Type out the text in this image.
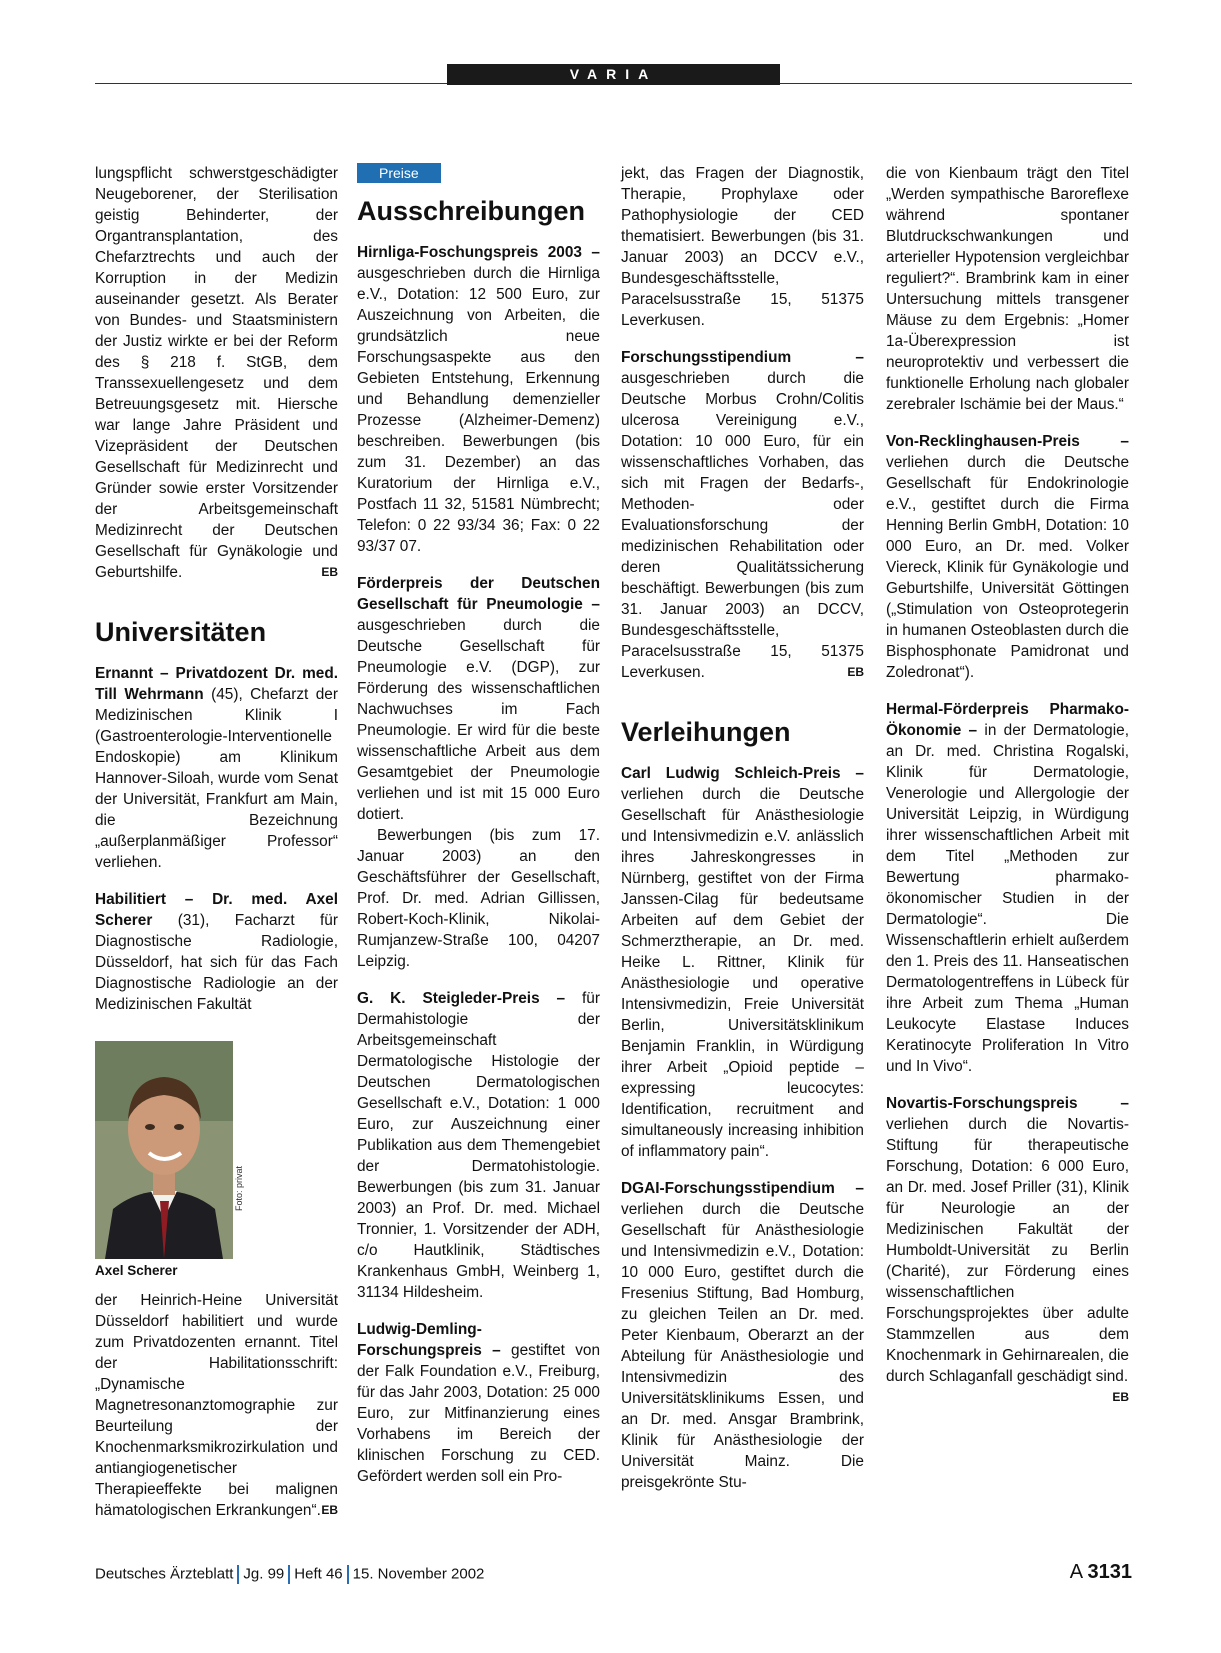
VARIA

lungspflicht schwerstgeschädigter Neugeborener, der Sterilisation geistig Behinderter, der Organtransplantation, des Chefarztrechts und auch der Korruption in der Medizin auseinander gesetzt. Als Berater von Bundes- und Staatsministern der Justiz wirkte er bei der Reform des § 218 f. StGB, dem Transsexuellengesetz und dem Betreuungsgesetz mit. Hiersche war lange Jahre Präsident und Vizepräsident der Deutschen Gesellschaft für Medizinrecht und Gründer sowie erster Vorsitzender der Arbeitsgemeinschaft Medizinrecht der Deutschen Gesellschaft für Gynäkologie und Geburtshilfe.	EB

Universitäten

Ernannt – Privatdozent Dr. med. Till Wehrmann (45), Chefarzt der Medizinischen Klinik I (Gastroenterologie-Interventionelle Endoskopie) am Klinikum Hannover-Siloah, wurde vom Senat der Universität, Frankfurt am Main, die Bezeichnung „außerplanmäßiger Professor“ verliehen.

Habilitiert – Dr. med. Axel Scherer (31), Facharzt für Diagnostische Radiologie, Düsseldorf, hat sich für das Fach Diagnostische Radiologie an der Medizinischen Fakultät

Foto: privat
Axel Scherer

der Heinrich-Heine Universität Düsseldorf habilitiert und wurde zum Privatdozenten ernannt. Titel der Habilitationsschrift: „Dynamische Magnetresonanztomographie zur Beurteilung der Knochenmarksmikrozirkulation und antiangiogenetischer Therapieeffekte bei malignen hämatologischen Erkrankungen“. EB

Preise
Ausschreibungen

Hirnliga-Foschungspreis 2003 – ausgeschrieben durch die Hirnliga e.V., Dotation: 12 500 Euro, zur Auszeichnung von Arbeiten, die grundsätzlich neue Forschungsaspekte aus den Gebieten Entstehung, Erkennung und Behandlung demenzieller Prozesse (Alzheimer-Demenz) beschreiben. Bewerbungen (bis zum 31. Dezember) an das Kuratorium der Hirnliga e.V., Postfach 11 32, 51581 Nümbrecht; Telefon: 0 22 93/34 36; Fax: 0 22 93/37 07.

Förderpreis der Deutschen Gesellschaft für Pneumologie – ausgeschrieben durch die Deutsche Gesellschaft für Pneumologie e.V. (DGP), zur Förderung des wissenschaftlichen Nachwuchses im Fach Pneumologie. Er wird für die beste wissenschaftliche Arbeit aus dem Gesamtgebiet der Pneumologie verliehen und ist mit 15 000 Euro dotiert.

Bewerbungen (bis zum 17. Januar 2003) an den Geschäftsführer der Gesellschaft, Prof. Dr. med. Adrian Gillissen, Robert-Koch-Klinik, Nikolai-Rumjanzew-Straße 100, 04207 Leipzig.

G. K. Steigleder-Preis – für Dermahistologie der Arbeitsgemeinschaft Dermatologische Histologie der Deutschen Dermatologischen Gesellschaft e.V., Dotation: 1 000 Euro, zur Auszeichnung einer Publikation aus dem Themengebiet der Dermatohistologie. Bewerbungen (bis zum 31. Januar 2003) an Prof. Dr. med. Michael Tronnier, 1. Vorsitzender der ADH, c/o Hautklinik, Städtisches Krankenhaus GmbH, Weinberg 1, 31134 Hildesheim.

Ludwig-Demling-Forschungspreis – gestiftet von der Falk Foundation e.V., Freiburg, für das Jahr 2003, Dotation: 25 000 Euro, zur Mitfinanzierung eines Vorhabens im Bereich der klinischen Forschung zu CED. Gefördert werden soll ein Pro-

jekt, das Fragen der Diagnostik, Therapie, Prophylaxe oder Pathophysiologie der CED thematisiert. Bewerbungen (bis 31. Januar 2003) an DCCV e.V., Bundesgeschäftsstelle, Paracelsusstraße 15, 51375 Leverkusen.

Forschungsstipendium – ausgeschrieben durch die Deutsche Morbus Crohn/Colitis ulcerosa Vereinigung e.V., Dotation: 10 000 Euro, für ein wissenschaftliches Vorhaben, das sich mit Fragen der Bedarfs-, Methoden- oder Evaluationsforschung der medizinischen Rehabilitation oder deren Qualitätssicherung beschäftigt. Bewerbungen (bis zum 31. Januar 2003) an DCCV, Bundesgeschäftsstelle, Paracelsusstraße 15, 51375 Leverkusen.	EB

Verleihungen

Carl Ludwig Schleich-Preis – verliehen durch die Deutsche Gesellschaft für Anästhesiologie und Intensivmedizin e.V. anlässlich ihres Jahreskongresses in Nürnberg, gestiftet von der Firma Janssen-Cilag für bedeutsame Arbeiten auf dem Gebiet der Schmerztherapie, an Dr. med. Heike L. Rittner, Klinik für Anästhesiologie und operative Intensivmedizin, Freie Universität Berlin, Universitätsklinikum Benjamin Franklin, in Würdigung ihrer Arbeit „Opioid peptide – expressing leucocytes: Identification, recruitment and simultaneously increasing inhibition of inflammatory pain“.

DGAI-Forschungsstipendium – verliehen durch die Deutsche Gesellschaft für Anästhesiologie und Intensivmedizin e.V., Dotation: 10 000 Euro, gestiftet durch die Fresenius Stiftung, Bad Homburg, zu gleichen Teilen an Dr. med. Peter Kienbaum, Oberarzt an der Abteilung für Anästhesiologie und Intensivmedizin des Universitätsklinikums Essen, und an Dr. med. Ansgar Brambrink, Klinik für Anästhesiologie der Universität Mainz. Die preisgekrönte Stu-

die von Kienbaum trägt den Titel „Werden sympathische Baroreflexe während spontaner Blutdruckschwankungen und arterieller Hypotension vergleichbar reguliert?“. Brambrink kam in einer Untersuchung mittels transgener Mäuse zu dem Ergebnis: „Homer 1a-Überexpression ist neuroprotektiv und verbessert die funktionelle Erholung nach globaler zerebraler Ischämie bei der Maus.“

Von-Recklinghausen-Preis – verliehen durch die Deutsche Gesellschaft für Endokrinologie e.V., gestiftet durch die Firma Henning Berlin GmbH, Dotation: 10 000 Euro, an Dr. med. Volker Viereck, Klinik für Gynäkologie und Geburtshilfe, Universität Göttingen („Stimulation von Osteoprotegerin in humanen Osteoblasten durch die Bisphosphonate Pamidronat und Zoledronat“).

Hermal-Förderpreis Pharmako-Ökonomie – in der Dermatologie, an Dr. med. Christina Rogalski, Klinik für Dermatologie, Venerologie und Allergologie der Universität Leipzig, in Würdigung ihrer wissenschaftlichen Arbeit mit dem Titel „Methoden zur Bewertung pharmako-ökonomischer Studien in der Dermatologie“. Die Wissenschaftlerin erhielt außerdem den 1. Preis des 11. Hanseatischen Dermatologentreffens in Lübeck für ihre Arbeit zum Thema „Human Leukocyte Elastase Induces Keratinocyte Proliferation In Vitro und In Vivo“.

Novartis-Forschungspreis – verliehen durch die Novartis-Stiftung für therapeutische Forschung, Dotation: 6 000 Euro, an Dr. med. Josef Priller (31), Klinik für Neurologie an der Medizinischen Fakultät der Humboldt-Universität zu Berlin (Charité), zur Förderung eines wissenschaftlichen Forschungsprojektes über adulte Stammzellen aus dem Knochenmark in Gehirnarealen, die durch Schlaganfall geschädigt sind.
EB

Deutsches Ärzteblatt Jg. 99 Heft 46 15. November 2002	A 3131
